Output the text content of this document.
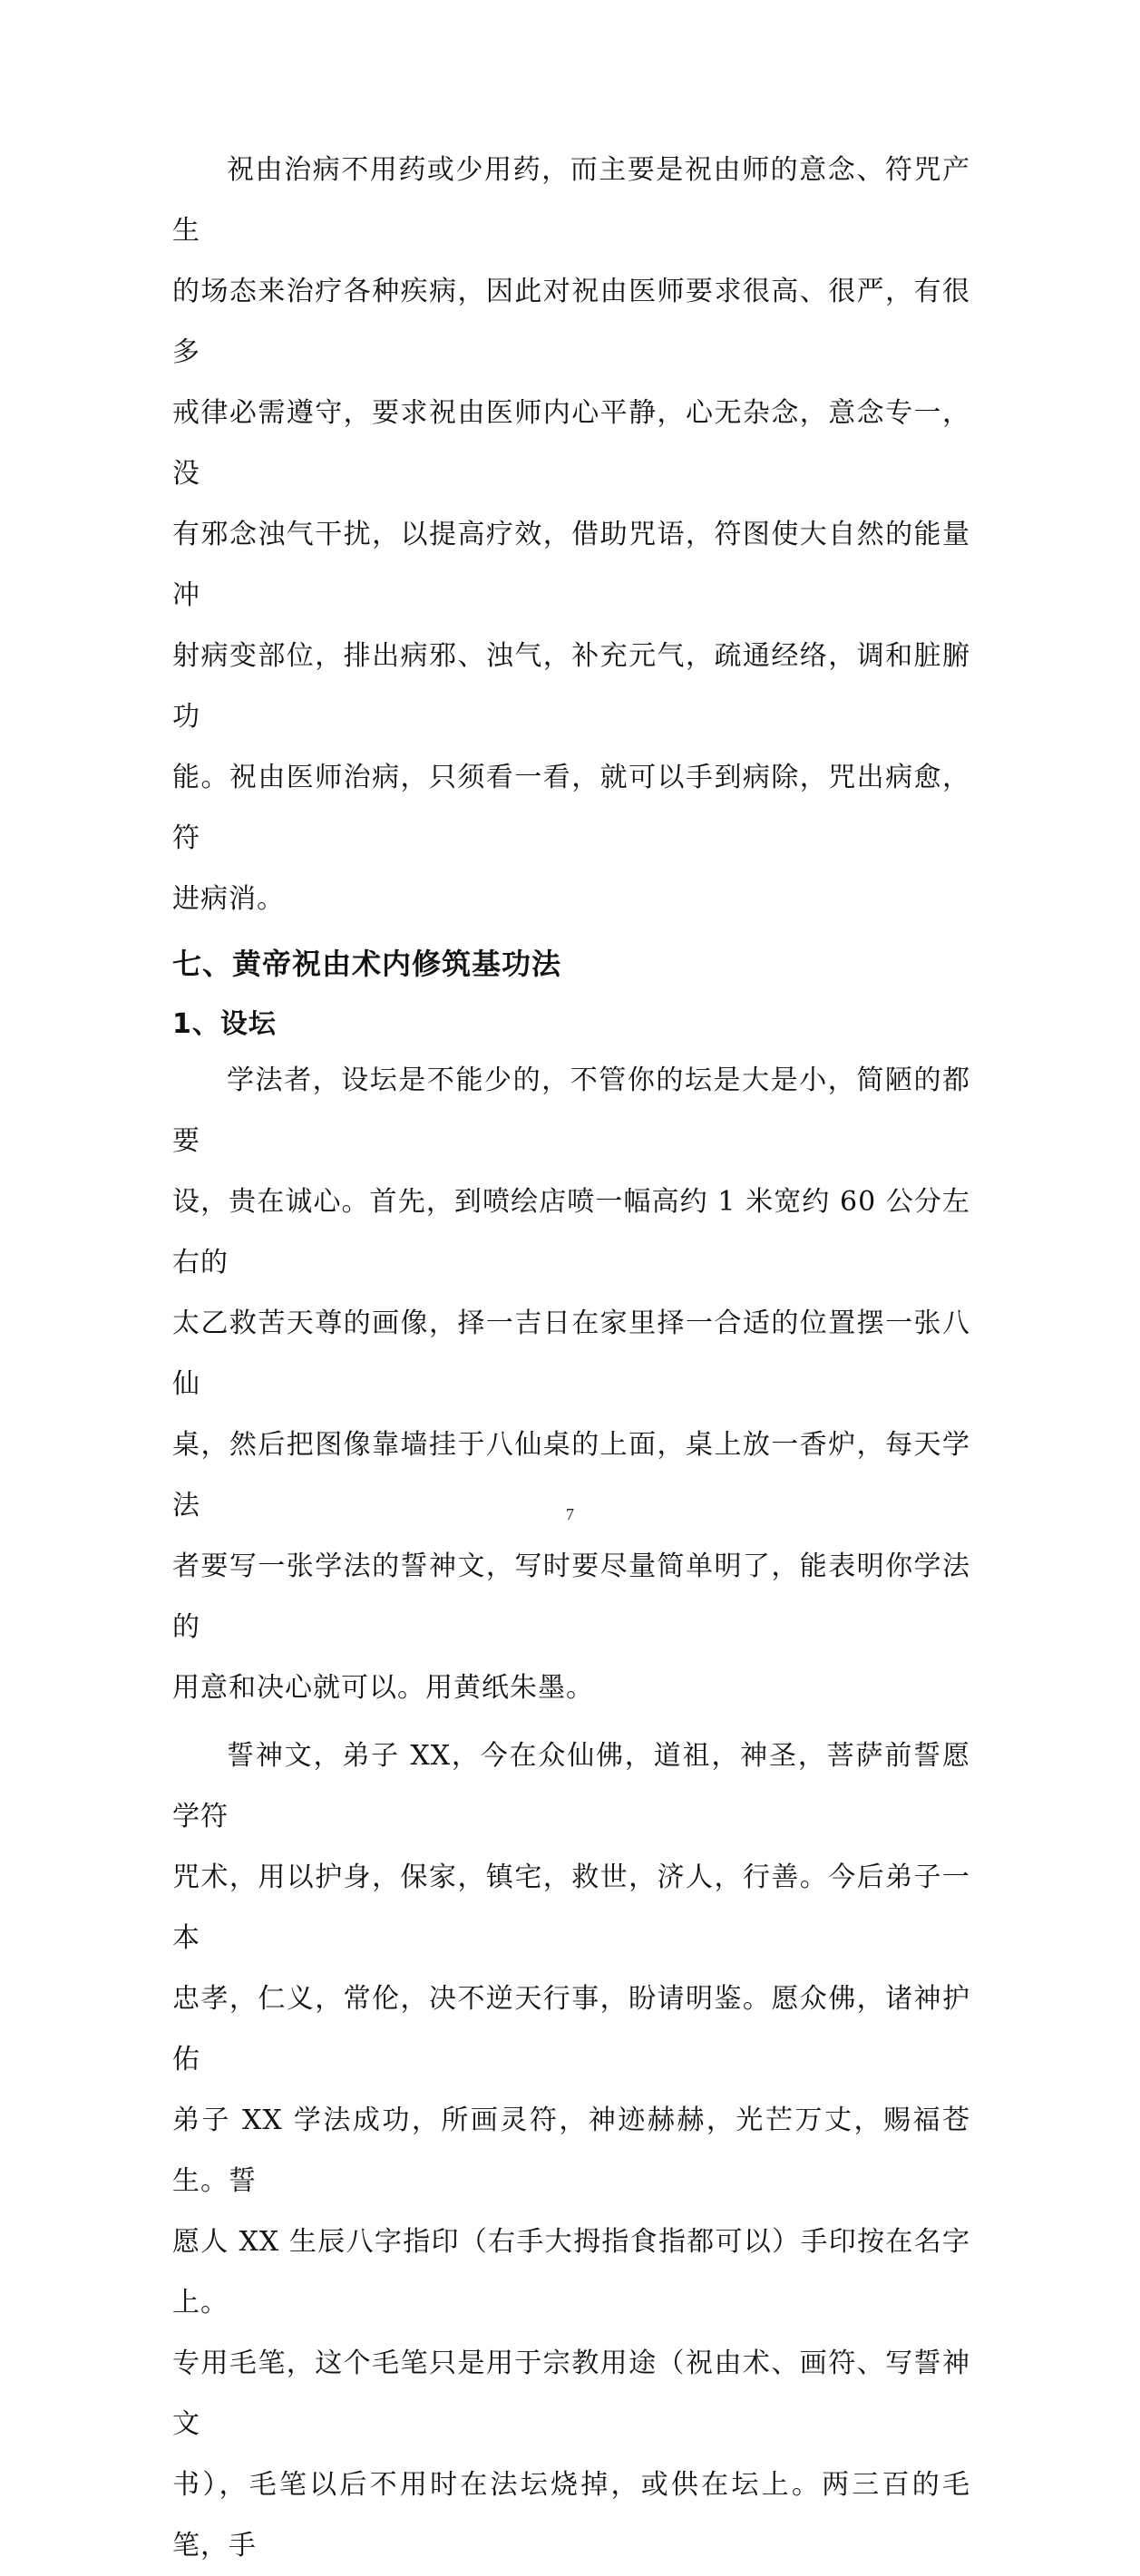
祝由治病不用药或少用药，而主要是祝由师的意念、符咒产生
的场态来治疗各种疾病，因此对祝由医师要求很高、很严，有很多
戒律必需遵守，要求祝由医师内心平静，心无杂念，意念专一，没
有邪念浊气干扰，以提高疗效，借助咒语，符图使大自然的能量冲
射病变部位，排出病邪、浊气，补充元气，疏通经络，调和脏腑功
能。祝由医师治病，只须看一看，就可以手到病除，咒出病愈，符
进病消。

七、黄帝祝由术内修筑基功法
1、设坛

学法者，设坛是不能少的，不管你的坛是大是小，简陋的都要
设，贵在诚心。首先，到喷绘店喷一幅高约 1 米宽约 60 公分左右的
太乙救苦天尊的画像，择一吉日在家里择一合适的位置摆一张八仙
桌，然后把图像靠墙挂于八仙桌的上面，桌上放一香炉，每天学法
者要写一张学法的誓神文，写时要尽量简单明了，能表明你学法的
用意和决心就可以。用黄纸朱墨。

誓神文，弟子 XX，今在众仙佛，道祖，神圣，菩萨前誓愿学符
咒术，用以护身，保家，镇宅，救世，济人，行善。今后弟子一本
忠孝，仁义，常伦，决不逆天行事，盼请明鉴。愿众佛，诸神护佑
弟子 XX 学法成功，所画灵符，神迹赫赫，光芒万丈，赐福苍生。誓
愿人 XX 生辰八字指印（右手大拇指食指都可以）手印按在名字上。
专用毛笔，这个毛笔只是用于宗教用途（祝由术、画符、写誓神文
书），毛笔以后不用时在法坛烧掉，或供在坛上。两三百的毛笔，手

7
